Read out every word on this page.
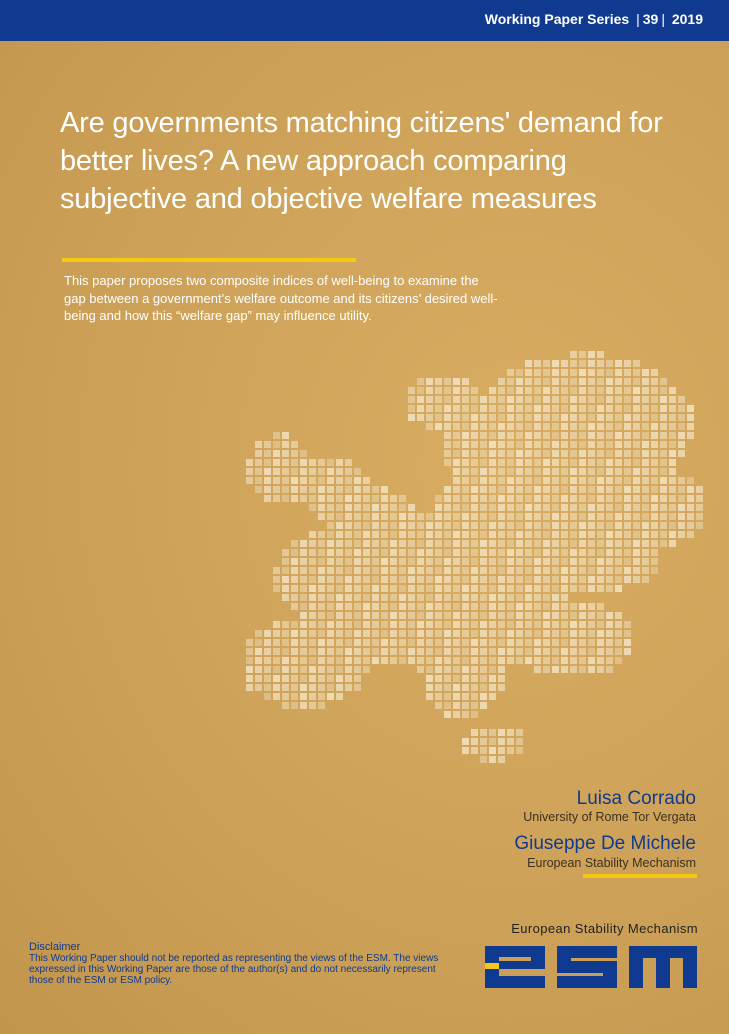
Working Paper Series | 39 | 2019
Are governments matching citizens' demand for better lives? A new approach comparing subjective and objective welfare measures
This paper proposes two composite indices of well-being to examine the gap between a government’s welfare outcome and its citizens’ desired well-being and how this “welfare gap” may influence utility.
Luisa Corrado
University of Rome Tor Vergata
Giuseppe De Michele
European Stability Mechanism
Disclaimer
This Working Paper should not be reported as representing the views of the ESM. The views expressed in this Working Paper are those of the author(s) and do not necessarily represent those of the ESM or ESM policy.
European Stability Mechanism
